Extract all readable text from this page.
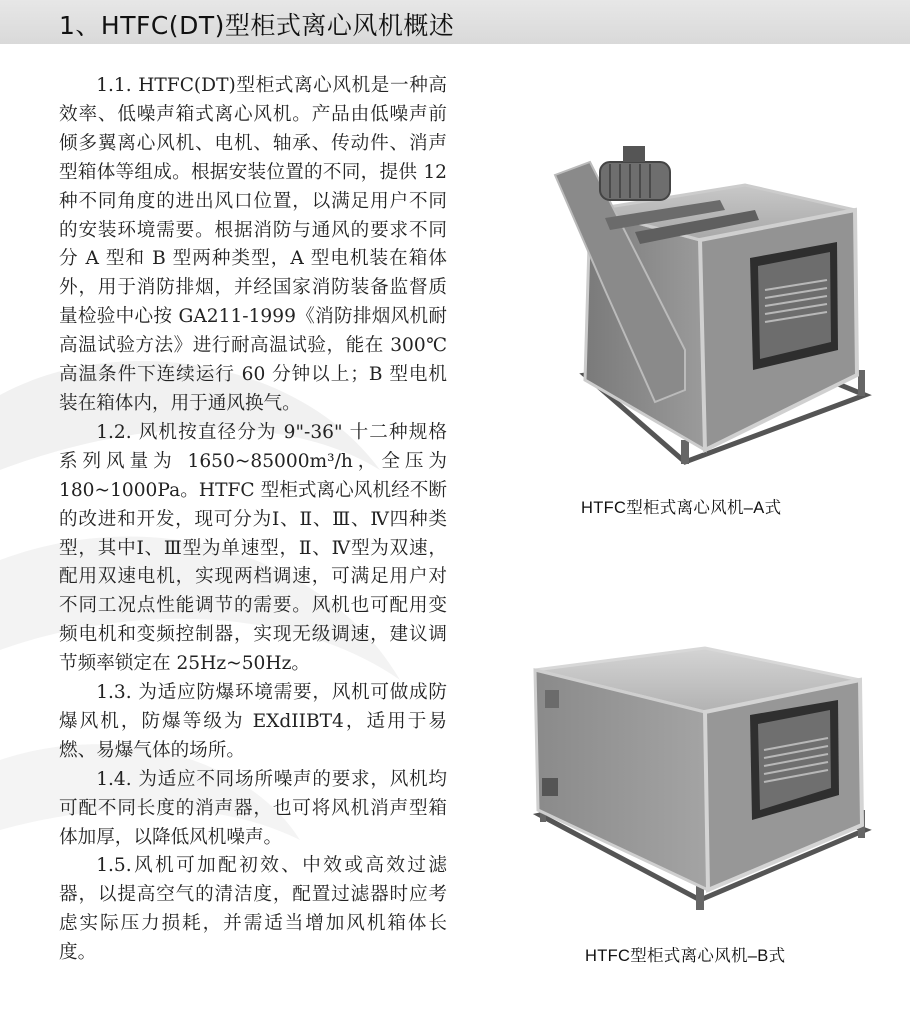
1、HTFC(DT)型柜式离心风机概述

1.1. HTFC(DT)型柜式离心风机是一种高效率、低噪声箱式离心风机。产品由低噪声前倾多翼离心风机、电机、轴承、传动件、消声型箱体等组成。根据安装位置的不同，提供 12 种不同角度的进出风口位置，以满足用户不同的安装环境需要。根据消防与通风的要求不同分 A 型和 B 型两种类型，A 型电机装在箱体外，用于消防排烟，并经国家消防装备监督质量检验中心按 GA211-1999《消防排烟风机耐高温试验方法》进行耐高温试验，能在 300℃高温条件下连续运行 60 分钟以上；B 型电机装在箱体内，用于通风换气。

1.2. 风机按直径分为 9"-36" 十二种规格系列风量为 1650~85000m³/h，全压为 180~1000Pa。HTFC 型柜式离心风机经不断的改进和开发，现可分为Ⅰ、Ⅱ、Ⅲ、Ⅳ四种类型，其中Ⅰ、Ⅲ型为单速型，Ⅱ、Ⅳ型为双速，配用双速电机，实现两档调速，可满足用户对不同工况点性能调节的需要。风机也可配用变频电机和变频控制器，实现无级调速，建议调节频率锁定在 25Hz~50Hz。

1.3. 为适应防爆环境需要，风机可做成防爆风机，防爆等级为 EXdIIBT4，适用于易燃、易爆气体的场所。

1.4. 为适应不同场所噪声的要求，风机均可配不同长度的消声器，也可将风机消声型箱体加厚，以降低风机噪声。

1.5.风机可加配初效、中效或高效过滤器，以提高空气的清洁度，配置过滤器时应考虑实际压力损耗，并需适当增加风机箱体长度。

HTFC型柜式离心风机–A式
HTFC型柜式离心风机–B式
